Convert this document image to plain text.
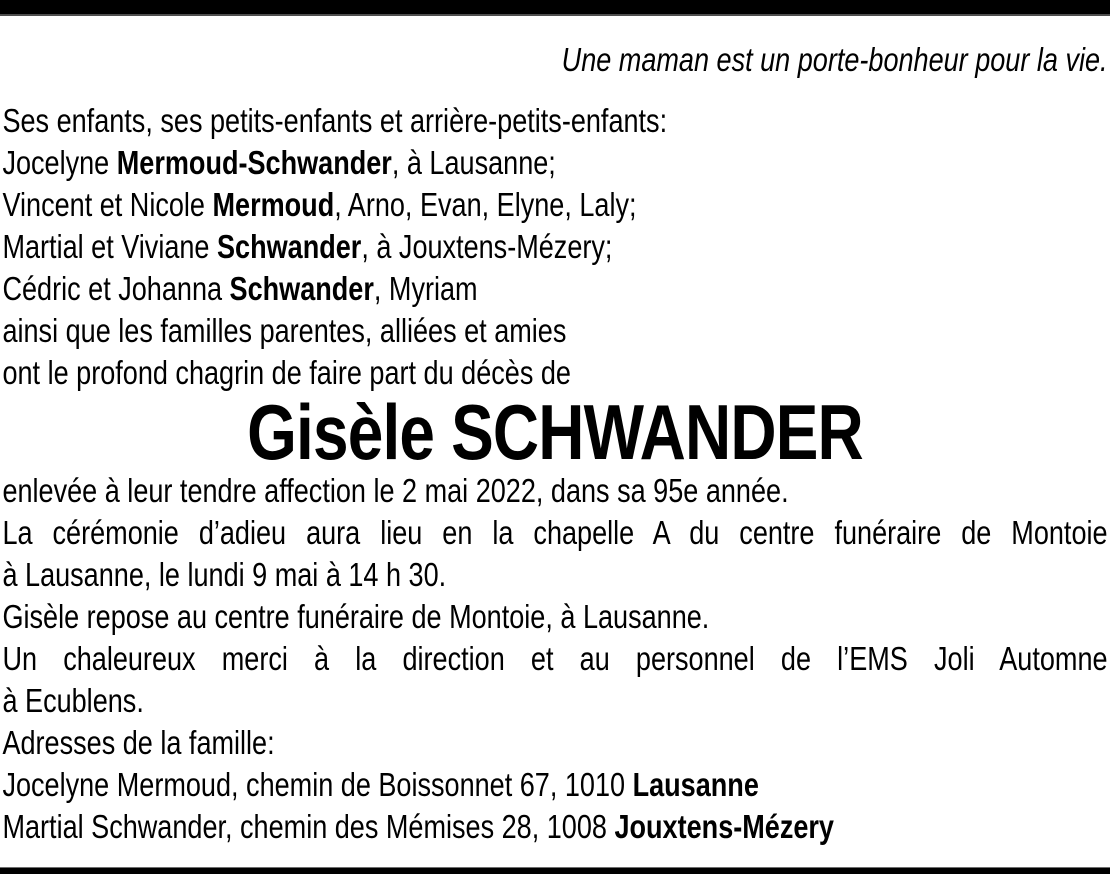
Une maman est un porte-bonheur pour la vie.
Ses enfants, ses petits-enfants et arrière-petits-enfants:
Jocelyne Mermoud-Schwander, à Lausanne;
Vincent et Nicole Mermoud, Arno, Evan, Elyne, Laly;
Martial et Viviane Schwander, à Jouxtens-Mézery;
Cédric et Johanna Schwander, Myriam
ainsi que les familles parentes, alliées et amies
ont le profond chagrin de faire part du décès de
Gisèle SCHWANDER
enlevée à leur tendre affection le 2 mai 2022, dans sa 95e année.
La cérémonie d’adieu aura lieu en la chapelle A du centre funéraire de Montoie
à Lausanne, le lundi 9 mai à 14 h 30.
Gisèle repose au centre funéraire de Montoie, à Lausanne.
Un chaleureux merci à la direction et au personnel de l’EMS Joli Automne
à Ecublens.
Adresses de la famille:
Jocelyne Mermoud, chemin de Boissonnet 67, 1010 Lausanne
Martial Schwander, chemin des Mémises 28, 1008 Jouxtens-Mézery
